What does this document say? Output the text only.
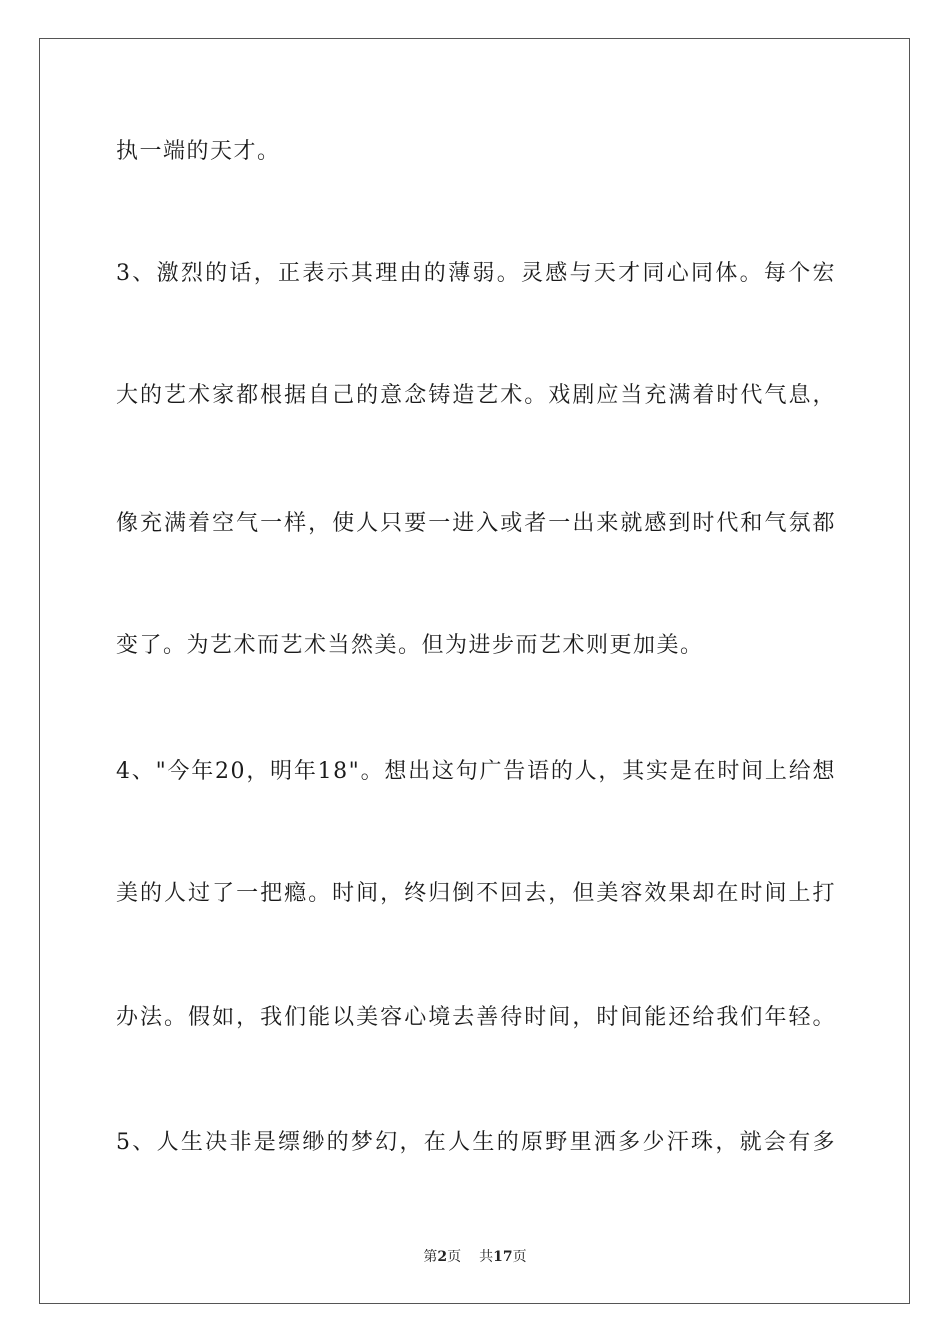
执一端的天才。
3、激烈的话，正表示其理由的薄弱。灵感与天才同心同体。每个宏
大的艺术家都根据自己的意念铸造艺术。戏剧应当充满着时代气息，
像充满着空气一样，使人只要一进入或者一出来就感到时代和气氛都
变了。为艺术而艺术当然美。但为进步而艺术则更加美。
4、"今年20，明年18"。想出这句广告语的人，其实是在时间上给想
美的人过了一把瘾。时间，终归倒不回去，但美容效果却在时间上打
办法。假如，我们能以美容心境去善待时间，时间能还给我们年轻。
5、人生决非是缥缈的梦幻，在人生的原野里洒多少汗珠，就会有多
第2页 共17页
